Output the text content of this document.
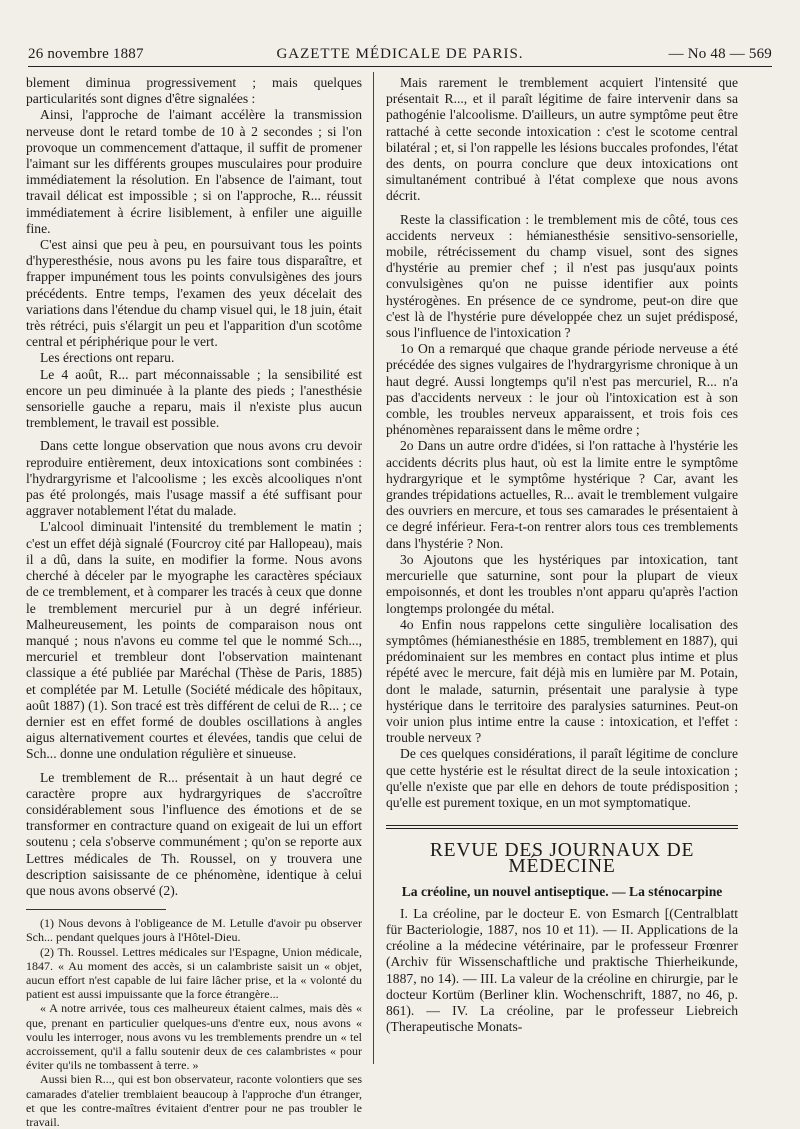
26 novembre 1887	GAZETTE MÉDICALE DE PARIS.	— No 48 — 569

blement diminua progressivement ; mais quelques particularités sont dignes d'être signalées :

Ainsi, l'approche de l'aimant accélère la transmission nerveuse dont le retard tombe de 10 à 2 secondes ; si l'on provoque un commencement d'attaque, il suffit de promener l'aimant sur les différents groupes musculaires pour produire immédiatement la résolution. En l'absence de l'aimant, tout travail délicat est impossible ; si on l'approche, R... réussit immédiatement à écrire lisiblement, à enfiler une aiguille fine.

C'est ainsi que peu à peu, en poursuivant tous les points d'hyperesthésie, nous avons pu les faire tous disparaître, et frapper impunément tous les points convulsigènes des jours précédents. Entre temps, l'examen des yeux décelait des variations dans l'étendue du champ visuel qui, le 18 juin, était très rétréci, puis s'élargit un peu et l'apparition d'un scotôme central et périphérique pour le vert.

Les érections ont reparu.

Le 4 août, R... part méconnaissable ; la sensibilité est encore un peu diminuée à la plante des pieds ; l'anesthésie sensorielle gauche a reparu, mais il n'existe plus aucun tremblement, le travail est possible.

Dans cette longue observation que nous avons cru devoir reproduire entièrement, deux intoxications sont combinées : l'hydrargyrisme et l'alcoolisme ; les excès alcooliques n'ont pas été prolongés, mais l'usage massif a été suffisant pour aggraver notablement l'état du malade.

L'alcool diminuait l'intensité du tremblement le matin ; c'est un effet déjà signalé (Fourcroy cité par Hallopeau), mais il a dû, dans la suite, en modifier la forme. Nous avons cherché à déceler par le myographe les caractères spéciaux de ce tremblement, et à comparer les tracés à ceux que donne le tremblement mercuriel pur à un degré inférieur. Malheureusement, les points de comparaison nous ont manqué ; nous n'avons eu comme tel que le nommé Sch..., mercuriel et trembleur dont l'observation maintenant classique a été publiée par Maréchal (Thèse de Paris, 1885) et complétée par M. Letulle (Société médicale des hôpitaux, août 1887) (1). Son tracé est très différent de celui de R... ; ce dernier est en effet formé de doubles oscillations à angles aigus alternativement courtes et élevées, tandis que celui de Sch... donne une ondulation régulière et sinueuse.

Le tremblement de R... présentait à un haut degré ce caractère propre aux hydrargyriques de s'accroître considérablement sous l'influence des émotions et de se transformer en contracture quand on exigeait de lui un effort soutenu ; cela s'observe communément ; qu'on se reporte aux Lettres médicales de Th. Roussel, on y trouvera une description saisissante de ce phénomène, identique à celui que nous avons observé (2).

(1) Nous devons à l'obligeance de M. Letulle d'avoir pu observer Sch... pendant quelques jours à l'Hôtel-Dieu.

(2) Th. Roussel. Lettres médicales sur l'Espagne, Union médicale, 1847. « Au moment des accès, si un calambriste saisit un « objet, aucun effort n'est capable de lui faire lâcher prise, et la « volonté du patient est aussi impuissante que la force étrangère...

« A notre arrivée, tous ces malheureux étaient calmes, mais dès « que, prenant en particulier quelques-uns d'entre eux, nous avons « voulu les interroger, nous avons vu les tremblements prendre un « tel accroissement, qu'il a fallu soutenir deux de ces calambristes « pour éviter qu'ils ne tombassent à terre. »

Aussi bien R..., qui est bon observateur, raconte volontiers que ses camarades d'atelier tremblaient beaucoup à l'approche d'un étranger, et que les contre-maîtres évitaient d'entrer pour ne pas troubler le travail.

Mais rarement le tremblement acquiert l'intensité que présentait R..., et il paraît légitime de faire intervenir dans sa pathogénie l'alcoolisme. D'ailleurs, un autre symptôme peut être rattaché à cette seconde intoxication : c'est le scotome central bilatéral ; et, si l'on rappelle les lésions buccales profondes, l'état des dents, on pourra conclure que deux intoxications ont simultanément contribué à l'état complexe que nous avons décrit.

Reste la classification : le tremblement mis de côté, tous ces accidents nerveux : hémianesthésie sensitivo-sensorielle, mobile, rétrécissement du champ visuel, sont des signes d'hystérie au premier chef ; il n'est pas jusqu'aux points convulsigènes qu'on ne puisse identifier aux points hystérogènes. En présence de ce syndrome, peut-on dire que c'est là de l'hystérie pure développée chez un sujet prédisposé, sous l'influence de l'intoxication ?

1o On a remarqué que chaque grande période nerveuse a été précédée des signes vulgaires de l'hydrargyrisme chronique à un haut degré. Aussi longtemps qu'il n'est pas mercuriel, R... n'a pas d'accidents nerveux : le jour où l'intoxication est à son comble, les troubles nerveux apparaissent, et trois fois ces phénomènes reparaissent dans le même ordre ;

2o Dans un autre ordre d'idées, si l'on rattache à l'hystérie les accidents décrits plus haut, où est la limite entre le symptôme hydrargyrique et le symptôme hystérique ? Car, avant les grandes trépidations actuelles, R... avait le tremblement vulgaire des ouvriers en mercure, et tous ses camarades le présentaient à ce degré inférieur. Fera-t-on rentrer alors tous ces tremblements dans l'hystérie ? Non.

3o Ajoutons que les hystériques par intoxication, tant mercurielle que saturnine, sont pour la plupart de vieux empoisonnés, et dont les troubles n'ont apparu qu'après l'action longtemps prolongée du métal.

4o Enfin nous rappelons cette singulière localisation des symptômes (hémianesthésie en 1885, tremblement en 1887), qui prédominaient sur les membres en contact plus intime et plus répété avec le mercure, fait déjà mis en lumière par M. Potain, dont le malade, saturnin, présentait une paralysie à type hystérique dans le territoire des paralysies saturnines. Peut-on voir union plus intime entre la cause : intoxication, et l'effet : trouble nerveux ?

De ces quelques considérations, il paraît légitime de conclure que cette hystérie est le résultat direct de la seule intoxication ; qu'elle n'existe que par elle en dehors de toute prédisposition ; qu'elle est purement toxique, en un mot symptomatique.

REVUE DES JOURNAUX DE MÉDECINE
La créoline, un nouvel antiseptique. — La sténocarpine

I. La créoline, par le docteur E. von Esmarch [(Centralblatt für Bacteriologie, 1887, nos 10 et 11). — II. Applications de la créoline a la médecine vétérinaire, par le professeur Frœnrer (Archiv für Wissenschaftliche und praktische Thierheikunde, 1887, no 14). — III. La valeur de la créoline en chirurgie, par le docteur Kortüm (Berliner klin. Wochenschrift, 1887, no 46, p. 861). — IV. La créoline, par le professeur Liebreich (Therapeutische Monats-
